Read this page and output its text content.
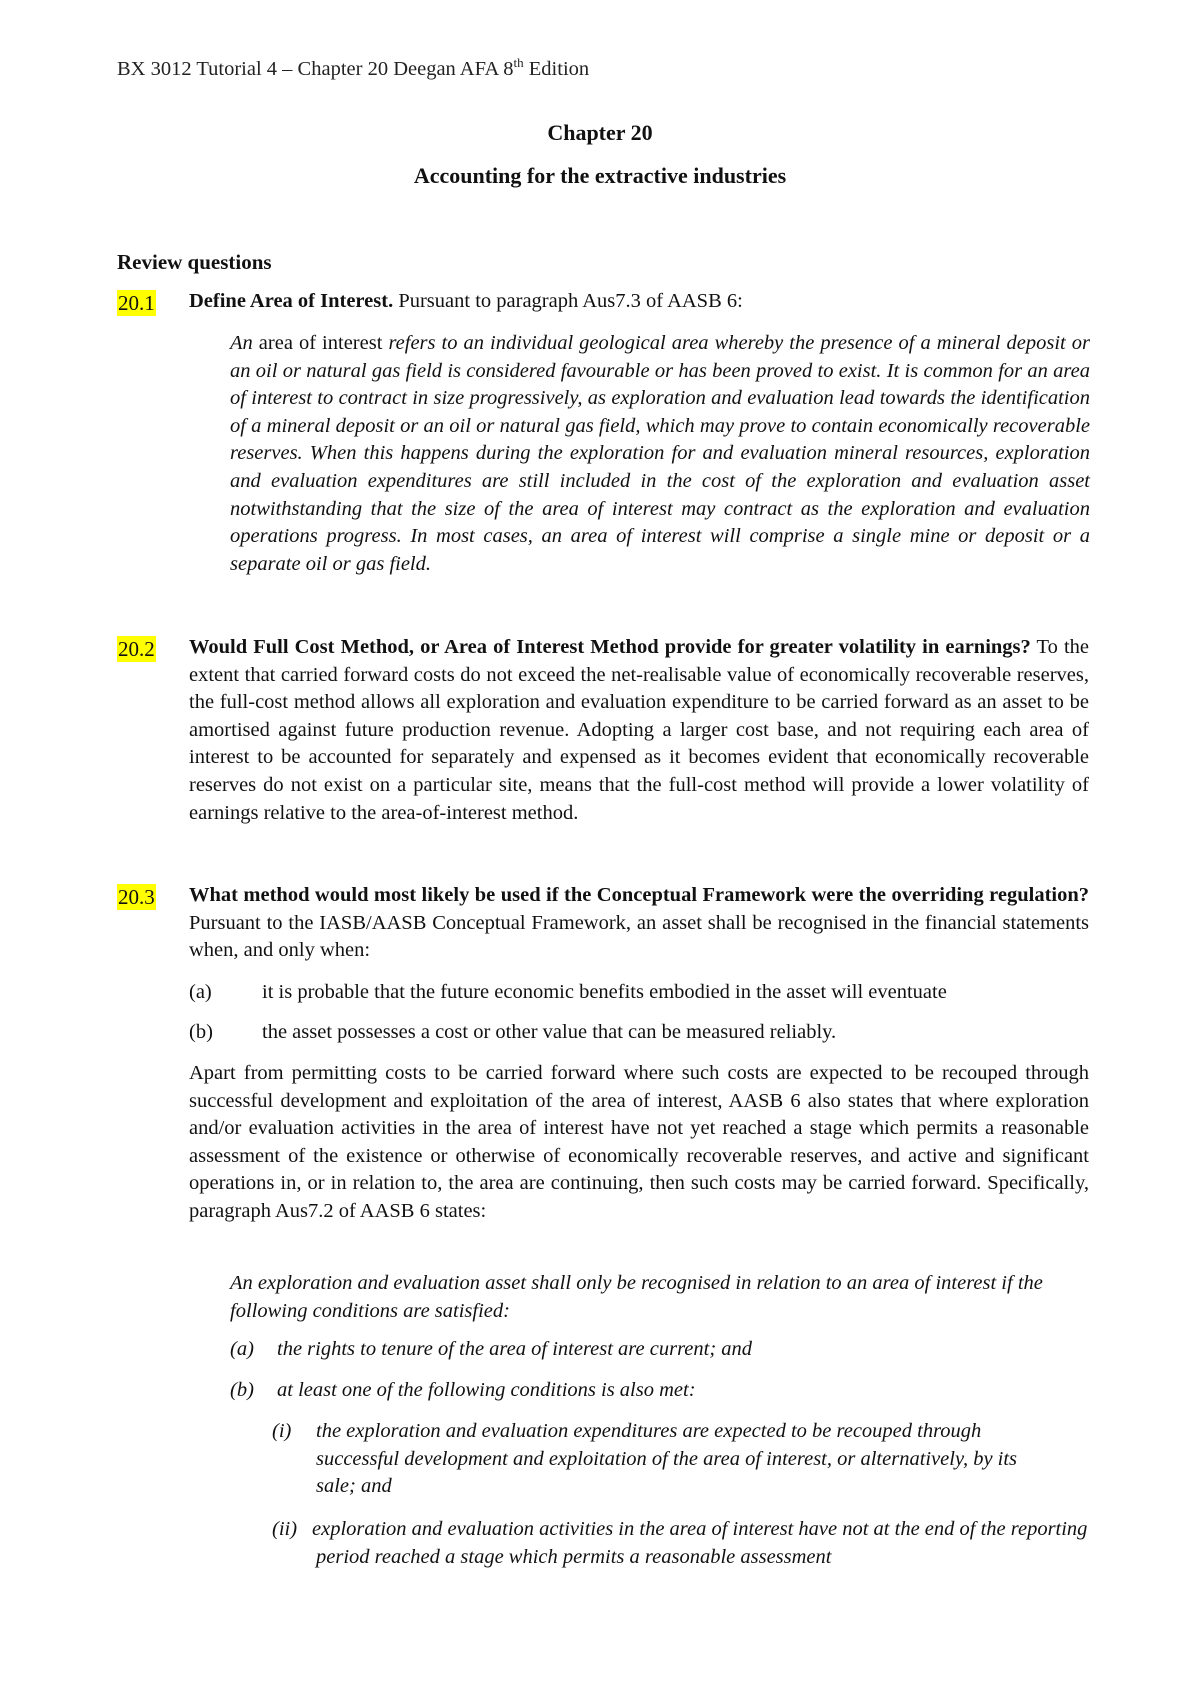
BX 3012 Tutorial 4 – Chapter 20 Deegan AFA 8th Edition
Chapter 20
Accounting for the extractive industries
Review questions
20.1 Define Area of Interest. Pursuant to paragraph Aus7.3 of AASB 6:
An area of interest refers to an individual geological area whereby the presence of a mineral deposit or an oil or natural gas field is considered favourable or has been proved to exist. It is common for an area of interest to contract in size progressively, as exploration and evaluation lead towards the identification of a mineral deposit or an oil or natural gas field, which may prove to contain economically recoverable reserves. When this happens during the exploration for and evaluation mineral resources, exploration and evaluation expenditures are still included in the cost of the exploration and evaluation asset notwithstanding that the size of the area of interest may contract as the exploration and evaluation operations progress. In most cases, an area of interest will comprise a single mine or deposit or a separate oil or gas field.
20.2 Would Full Cost Method, or Area of Interest Method provide for greater volatility in earnings? To the extent that carried forward costs do not exceed the net-realisable value of economically recoverable reserves, the full-cost method allows all exploration and evaluation expenditure to be carried forward as an asset to be amortised against future production revenue. Adopting a larger cost base, and not requiring each area of interest to be accounted for separately and expensed as it becomes evident that economically recoverable reserves do not exist on a particular site, means that the full-cost method will provide a lower volatility of earnings relative to the area-of-interest method.
20.3 What method would most likely be used if the Conceptual Framework were the overriding regulation? Pursuant to the IASB/AASB Conceptual Framework, an asset shall be recognised in the financial statements when, and only when:
(a) it is probable that the future economic benefits embodied in the asset will eventuate
(b) the asset possesses a cost or other value that can be measured reliably.
Apart from permitting costs to be carried forward where such costs are expected to be recouped through successful development and exploitation of the area of interest, AASB 6 also states that where exploration and/or evaluation activities in the area of interest have not yet reached a stage which permits a reasonable assessment of the existence or otherwise of economically recoverable reserves, and active and significant operations in, or in relation to, the area are continuing, then such costs may be carried forward. Specifically, paragraph Aus7.2 of AASB 6 states:
An exploration and evaluation asset shall only be recognised in relation to an area of interest if the following conditions are satisfied:
(a) the rights to tenure of the area of interest are current; and
(b) at least one of the following conditions is also met:
(i) the exploration and evaluation expenditures are expected to be recouped through successful development and exploitation of the area of interest, or alternatively, by its sale; and
(ii) exploration and evaluation activities in the area of interest have not at the end of the reporting period reached a stage which permits a reasonable assessment
